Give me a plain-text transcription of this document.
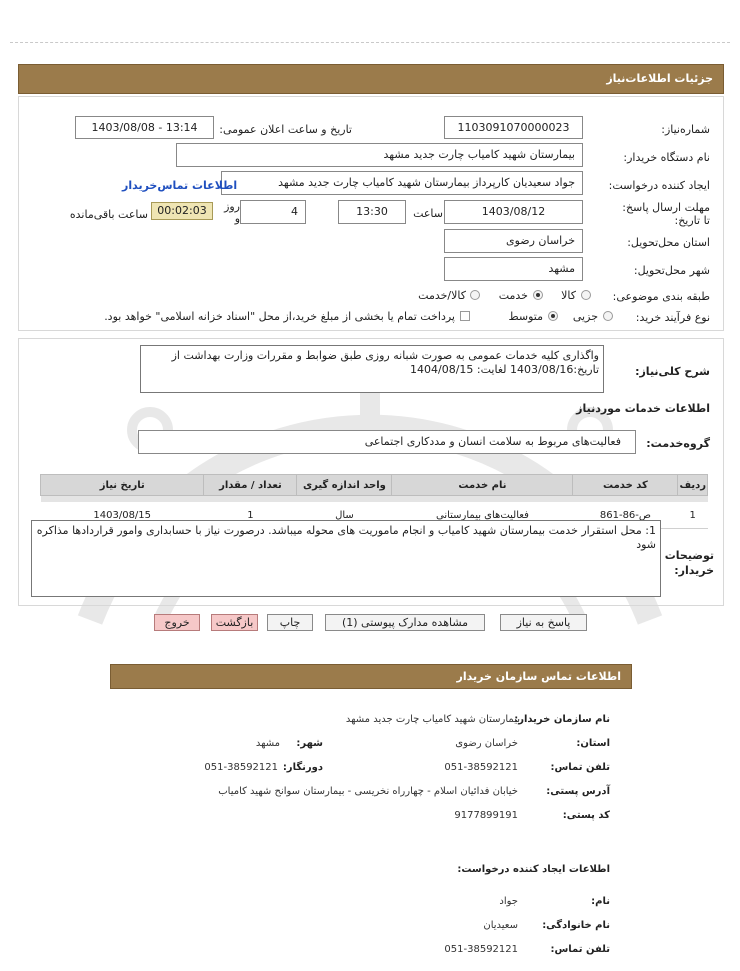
جزئیات اطلاعات‌نیاز
شماره‌نیاز:
1103091070000023
تاریخ و ساعت اعلان عمومی:
1403/08/08 - 13:14
نام دستگاه خریدار:
بیمارستان شهید کامیاب چارت جدید مشهد
ایجاد کننده درخواست:
جواد سعیدیان کارپرداز بیمارستان شهید کامیاب چارت جدید مشهد
اطلاعات تماس‌خریدار
مهلت ارسال پاسخ: تا تاریخ:
1403/08/12
ساعت
13:30
روز و
4
00:02:03
ساعت باقی‌مانده
استان محل‌تحویل:
خراسان رضوی
شهر محل‌تحویل:
مشهد
طبقه بندی موضوعی:
کالا
خدمت
کالا/خدمت
نوع فرآیند خرید:
جزیی
متوسط
پرداخت تمام یا بخشی از مبلغ خرید،از محل "اسناد خزانه اسلامی" خواهد بود.
شرح کلی‌نیاز:
واگذاری کلیه خدمات عمومی به صورت شبانه روزی طبق ضوابط و مقررات وزارت بهداشت از تاریخ:1403/08/16 لغایت: 1404/08/15
اطلاعات خدمات موردنیاز
گروه‌خدمت:
فعالیت‌های مربوط به سلامت انسان و مددکاری اجتماعی
ردیف	کد خدمت	نام خدمت	واحد اندازه گیری	تعداد / مقدار	تاریخ نیاز

1	ص-86-861	فعالیت‌های بیمارستانی	سال	1	1403/08/15
توضیحات خریدار:
1: محل استقرار خدمت بیمارستان شهید کامیاب و انجام ماموریت های محوله میباشد. درصورت نیاز با حسابداری وامور قراردادها مذاکره شود
پاسخ به نیاز
مشاهده مدارک پیوستی (1)
چاپ
بازگشت
خروج
اطلاعات تماس سازمان خریدار
نام سازمان خریدار:
بیمارستان شهید کامیاب چارت جدید مشهد
استان:
خراسان رضوی
شهر:
مشهد
تلفن تماس:
051-38592121
دورنگار:
051-38592121
آدرس پستی:
خیابان فدائیان اسلام - چهارراه نخریسی - بیمارستان سوانح شهید کامیاب
کد پستی:
9177899191
اطلاعات ایجاد کننده درخواست:
نام:
جواد
نام خانوادگی:
سعیدیان
تلفن تماس:
051-38592121
